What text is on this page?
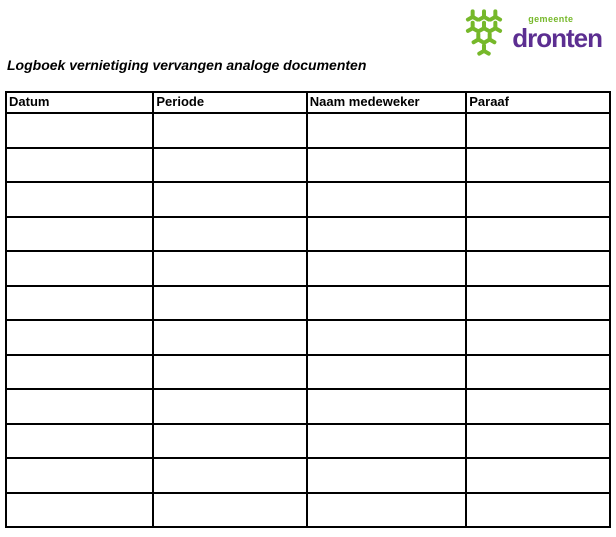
gemeente
dronten
Logboek vernietiging vervangen analoge documenten
Datum	Periode	Naam medeweker	Paraaf
